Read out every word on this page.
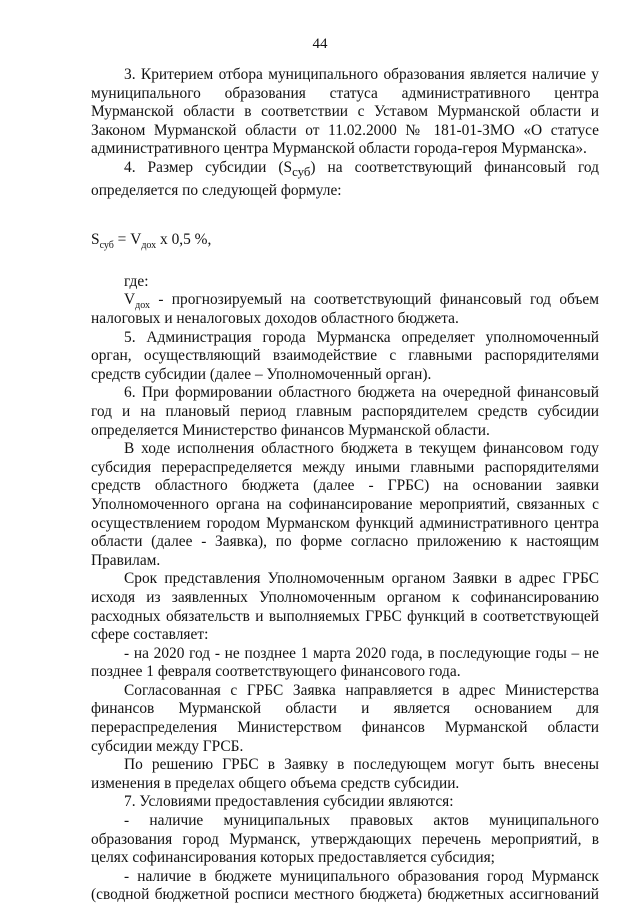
44

3. Критерием отбора муниципального образования является наличие у муниципального образования статуса административного центра Мурманской области в соответствии с Уставом Мурманской области и Законом Мурманской области от 11.02.2000 № 181-01-ЗМО «О статусе административного центра Мурманской области города-героя Мурманска».

4. Размер субсидии $(S_{суб})$ на соответствующий финансовый год определяется по следующей формуле:

$S_{суб} = V_{дох}$ x 0,5 %,

где:

$V_{дох}$ - прогнозируемый на соответствующий финансовый год объем налоговых и неналоговых доходов областного бюджета.

5. Администрация города Мурманска определяет уполномоченный орган, осуществляющий взаимодействие с главными распорядителями средств субсидии (далее – Уполномоченный орган).

6. При формировании областного бюджета на очередной финансовый год и на плановый период главным распорядителем средств субсидии определяется Министерство финансов Мурманской области.

В ходе исполнения областного бюджета в текущем финансовом году субсидия перераспределяется между иными главными распорядителями средств областного бюджета (далее - ГРБС) на основании заявки Уполномоченного органа на софинансирование мероприятий, связанных с осуществлением городом Мурманском функций административного центра области (далее - Заявка), по форме согласно приложению к настоящим Правилам.

Срок представления Уполномоченным органом Заявки в адрес ГРБС исходя из заявленных Уполномоченным органом к софинансированию расходных обязательств и выполняемых ГРБС функций в соответствующей сфере составляет:

- на 2020 год - не позднее 1 марта 2020 года, в последующие годы – не позднее 1 февраля соответствующего финансового года.

Согласованная с ГРБС Заявка направляется в адрес Министерства финансов Мурманской области и является основанием для перераспределения Министерством финансов Мурманской области субсидии между ГРСБ.

По решению ГРБС в Заявку в последующем могут быть внесены изменения в пределах общего объема средств субсидии.

7. Условиями предоставления субсидии являются:

- наличие муниципальных правовых актов муниципального образования город Мурманск, утверждающих перечень мероприятий, в целях софинансирования которых предоставляется субсидия;

- наличие в бюджете муниципального образования город Мурманск (сводной бюджетной росписи местного бюджета) бюджетных ассигнований
